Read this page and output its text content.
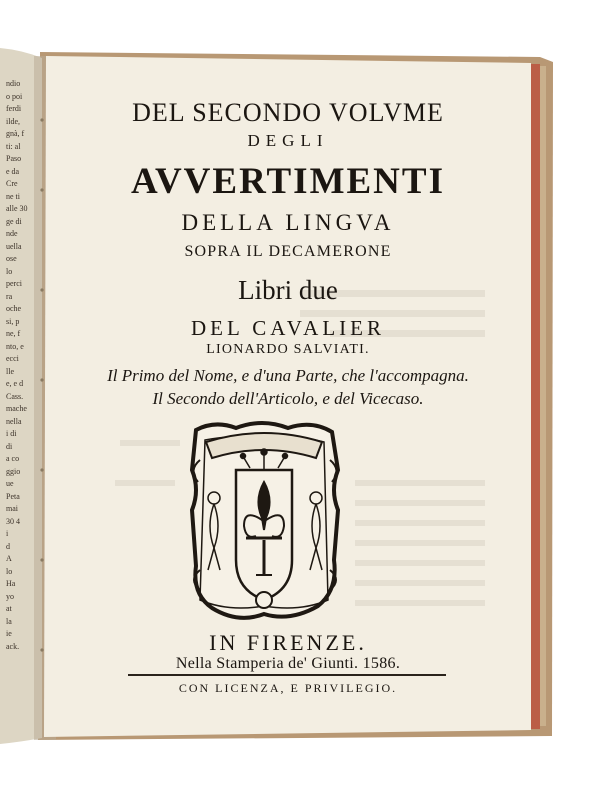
ndio
o poi
ferdi
ilde,
gnà, f
ti: al
Paso
e da
Cre
ne ti
alle 30
ge di
nde
uella
ose
lo
perci
ra
oche
si, p
ne, f
nto, e
ecci
lle
e, e d
Cass.
mache
nella
i di
di
a co
ggio
ue
Peta
mai
30 4
i
d
A
lo
Ha
yo
at
la
ie
ack.

DEL SECONDO VOLVME

DEGLI

AVVERTIMENTI

DELLA LINGVA

SOPRA IL DECAMERONE

Libri due

DEL CAVALIER

LIONARDO SALVIATI.

Il Primo del Nome, e d'una Parte, che l'accompagna.

Il Secondo dell'Articolo, e del Vicecaso.

IN FIRENZE.

Nella Stamperia de' Giunti. 1586.

CON LICENZA, E PRIVILEGIO.
